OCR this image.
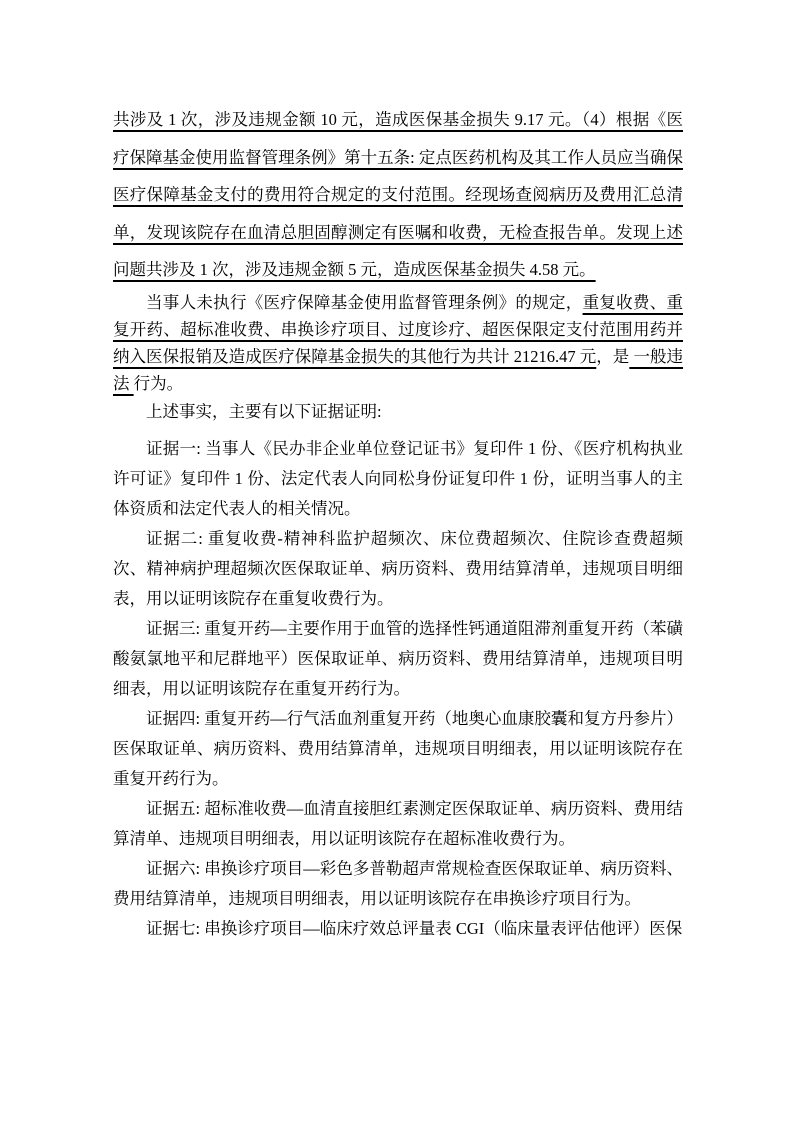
共涉及 1 次，涉及违规金额 10 元，造成医保基金损失 9.17 元。（4）根据《医疗保障基金使用监督管理条例》第十五条: 定点医药机构及其工作人员应当确保医疗保障基金支付的费用符合规定的支付范围。经现场查阅病历及费用汇总清单，发现该院存在血清总胆固醇测定有医嘱和收费，无检查报告单。发现上述问题共涉及 1 次，涉及违规金额 5 元，造成医保基金损失 4.58 元。

当事人未执行《医疗保障基金使用监督管理条例》的规定，重复收费、重复开药、超标准收费、串换诊疗项目、过度诊疗、超医保限定支付范围用药并纳入医保报销及造成医疗保障基金损失的其他行为共计 21216.47 元，是 一般违法 行为。

上述事实，主要有以下证据证明:

证据一: 当事人《民办非企业单位登记证书》复印件 1 份、《医疗机构执业许可证》复印件 1 份、法定代表人向同松身份证复印件 1 份，证明当事人的主体资质和法定代表人的相关情况。

证据二: 重复收费-精神科监护超频次、床位费超频次、住院诊查费超频次、精神病护理超频次医保取证单、病历资料、费用结算清单，违规项目明细表，用以证明该院存在重复收费行为。

证据三: 重复开药—主要作用于血管的选择性钙通道阻滞剂重复开药（苯磺酸氨氯地平和尼群地平）医保取证单、病历资料、费用结算清单，违规项目明细表，用以证明该院存在重复开药行为。

证据四: 重复开药—行气活血剂重复开药（地奥心血康胶囊和复方丹参片）医保取证单、病历资料、费用结算清单，违规项目明细表，用以证明该院存在重复开药行为。

证据五: 超标准收费—血清直接胆红素测定医保取证单、病历资料、费用结算清单、违规项目明细表，用以证明该院存在超标准收费行为。

证据六: 串换诊疗项目—彩色多普勒超声常规检查医保取证单、病历资料、费用结算清单，违规项目明细表，用以证明该院存在串换诊疗项目行为。

证据七: 串换诊疗项目—临床疗效总评量表 CGI（临床量表评估他评）医保
